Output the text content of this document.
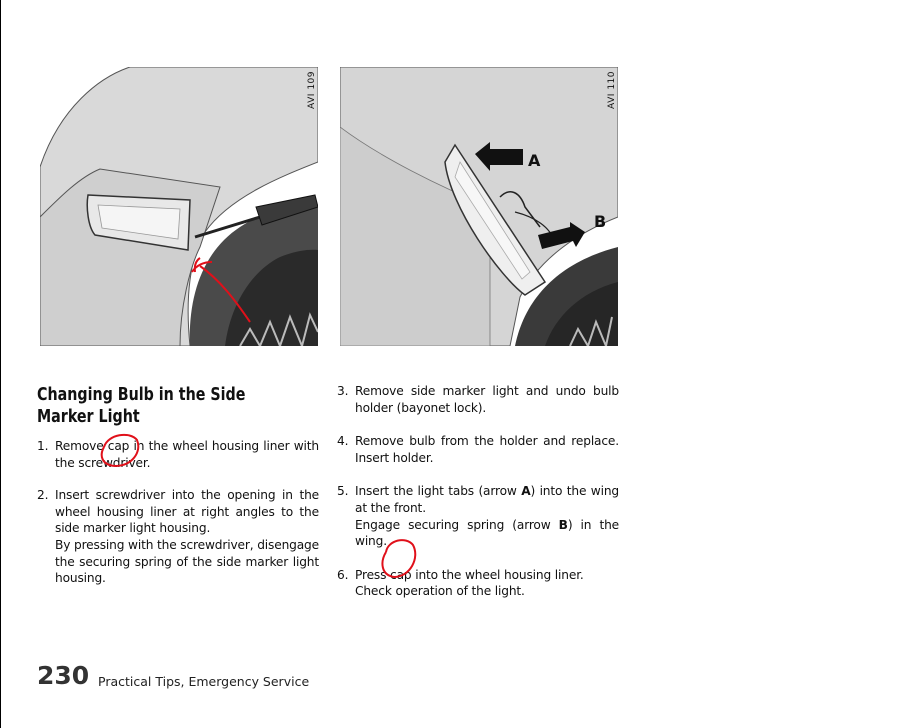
AVI 109	AVI 110
A
B
Changing Bulb in the Side Marker Light
1. Remove cap in the wheel housing liner with the screwdriver.
2. Insert screwdriver into the opening in the wheel housing liner at right angles to the side marker light housing.
By pressing with the screwdriver, disengage the securing spring of the side marker light housing.
3. Remove side marker light and undo bulb holder (bayonet lock).
4. Remove bulb from the holder and replace. Insert holder.
5. Insert the light tabs (arrow A) into the wing at the front.
Engage securing spring (arrow B) in the wing.
6. Press cap into the wheel housing liner.
Check operation of the light.
230 Practical Tips, Emergency Service
